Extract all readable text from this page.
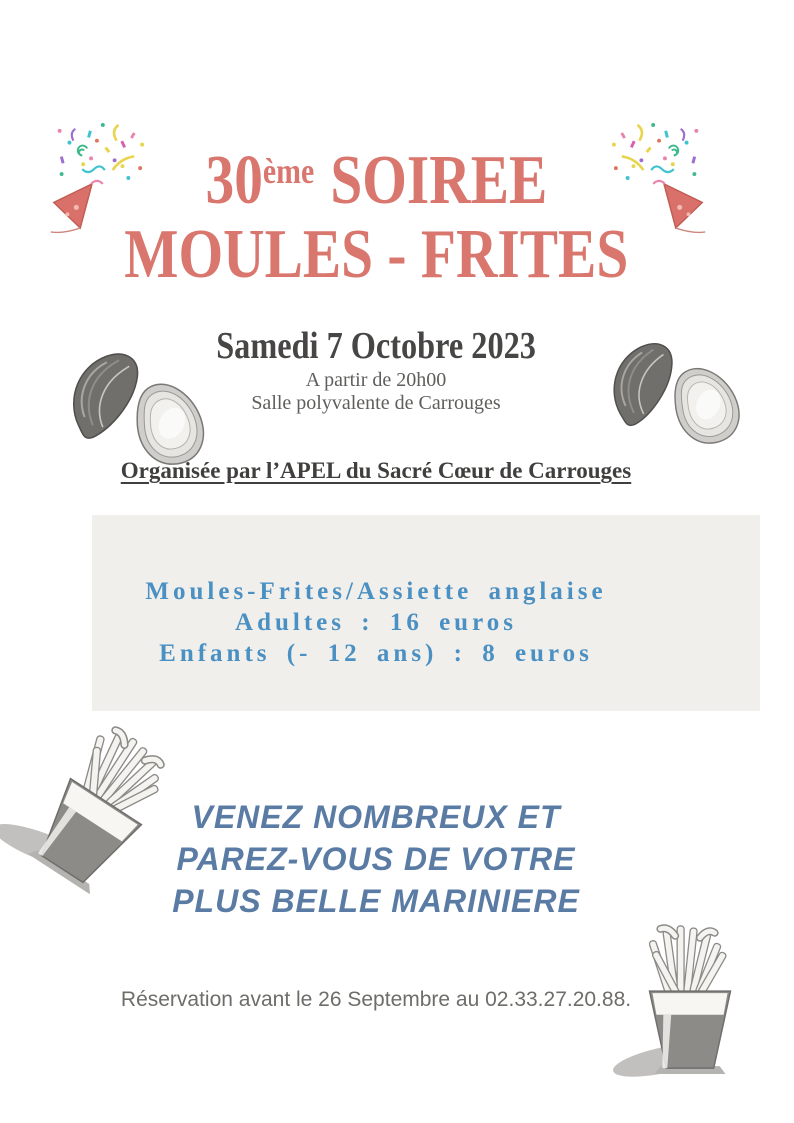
30ème SOIREE
MOULES - FRITES
Samedi 7 Octobre 2023
A partir de 20h00
Salle polyvalente de Carrouges
Organisée par l’APEL du Sacré Cœur de Carrouges
Moules-Frites/Assiette anglaise
Adultes : 16 euros
Enfants (- 12 ans) : 8 euros
VENEZ NOMBREUX ET
PAREZ-VOUS DE VOTRE
PLUS BELLE MARINIERE
Réservation avant le 26 Septembre au 02.33.27.20.88.
